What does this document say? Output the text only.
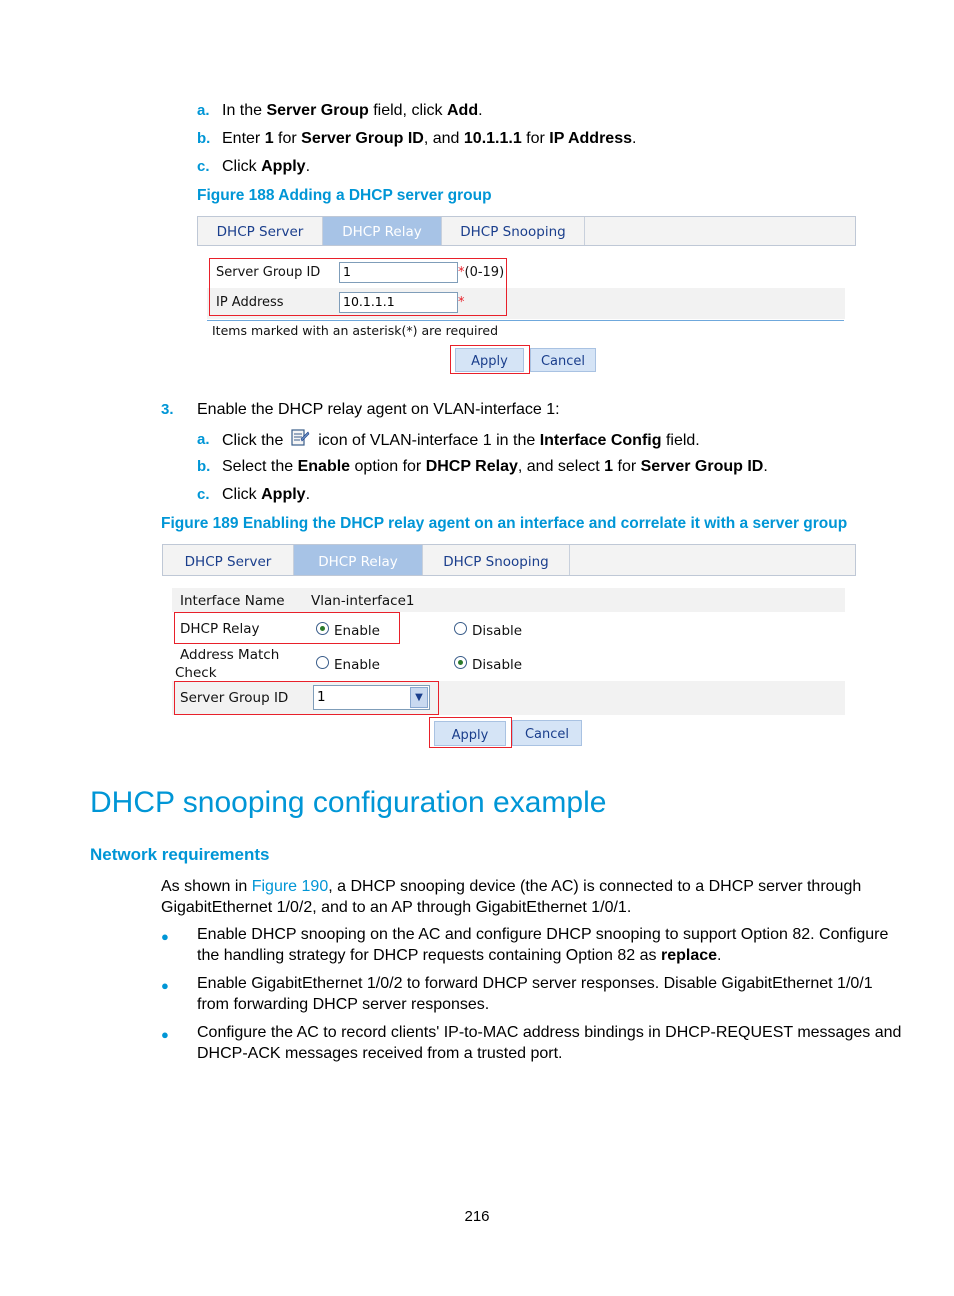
a. In the Server Group field, click Add.
b. Enter 1 for Server Group ID, and 10.1.1.1 for IP Address.
c. Click Apply.
Figure 188 Adding a DHCP server group
DHCP Server	DHCP Relay	DHCP Snooping
Server Group ID	1	*(0-19)
IP Address	10.1.1.1	*
Items marked with an asterisk(*) are required
Apply	Cancel
3. Enable the DHCP relay agent on VLAN-interface 1:
a. Click the  icon of VLAN-interface 1 in the Interface Config field.
b. Select the Enable option for DHCP Relay, and select 1 for Server Group ID.
c. Click Apply.
Figure 189 Enabling the DHCP relay agent on an interface and correlate it with a server group
DHCP Server	DHCP Relay	DHCP Snooping
Interface Name Vlan-interface1
DHCP Relay	Enable	Disable
Address Match
Check	Enable	Disable
Server Group ID 1	▼
Apply	Cancel
DHCP snooping configuration example
Network requirements
As shown in Figure 190, a DHCP snooping device (the AC) is connected to a DHCP server through
GigabitEthernet 1/0/2, and to an AP through GigabitEthernet 1/0/1.
● Enable DHCP snooping on the AC and configure DHCP snooping to support Option 82. Configure
the handling strategy for DHCP requests containing Option 82 as replace.
● Enable GigabitEthernet 1/0/2 to forward DHCP server responses. Disable GigabitEthernet 1/0/1
from forwarding DHCP server responses.
● Configure the AC to record clients' IP-to-MAC address bindings in DHCP-REQUEST messages and
DHCP-ACK messages received from a trusted port.
216
